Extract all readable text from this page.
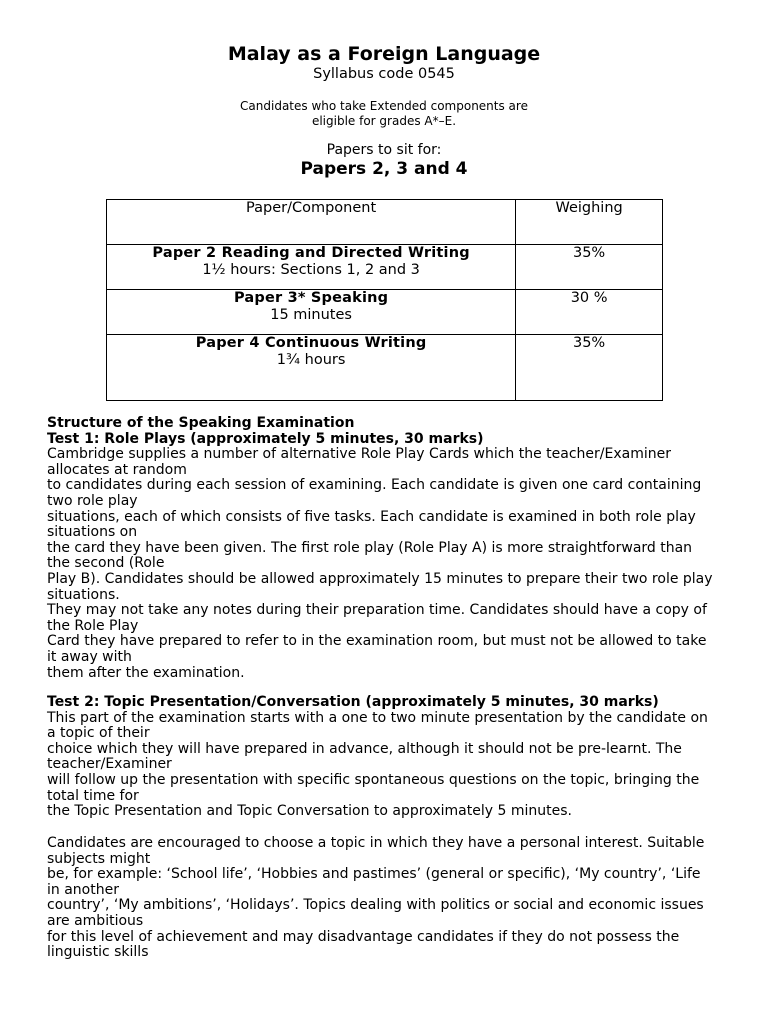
Malay as a Foreign Language
Syllabus code 0545
Candidates who take Extended components are
eligible for grades A*–E.
Papers to sit for:
Papers 2, 3 and 4
Paper/Component	Weighing

Paper 2 Reading and Directed Writing
1½ hours: Sections 1, 2 and 3	35%

Paper 3* Speaking
15 minutes	30 %

Paper 4 Continuous Writing
1¾ hours	35%
Structure of the Speaking Examination
Test 1: Role Plays (approximately 5 minutes, 30 marks)
Cambridge supplies a number of alternative Role Play Cards which the teacher/Examiner
allocates at random
to candidates during each session of examining. Each candidate is given one card containing
two role play
situations, each of which consists of five tasks. Each candidate is examined in both role play
situations on
the card they have been given. The first role play (Role Play A) is more straightforward than
the second (Role
Play B). Candidates should be allowed approximately 15 minutes to prepare their two role play
situations.
They may not take any notes during their preparation time. Candidates should have a copy of
the Role Play
Card they have prepared to refer to in the examination room, but must not be allowed to take
it away with
them after the examination.
Test 2: Topic Presentation/Conversation (approximately 5 minutes, 30 marks)
This part of the examination starts with a one to two minute presentation by the candidate on
a topic of their
choice which they will have prepared in advance, although it should not be pre-learnt. The
teacher/Examiner
will follow up the presentation with specific spontaneous questions on the topic, bringing the
total time for
the Topic Presentation and Topic Conversation to approximately 5 minutes.
Candidates are encouraged to choose a topic in which they have a personal interest. Suitable
subjects might
be, for example: ‘School life’, ‘Hobbies and pastimes’ (general or specific), ‘My country’, ‘Life
in another
country’, ‘My ambitions’, ‘Holidays’. Topics dealing with politics or social and economic issues
are ambitious
for this level of achievement and may disadvantage candidates if they do not possess the
linguistic skills
